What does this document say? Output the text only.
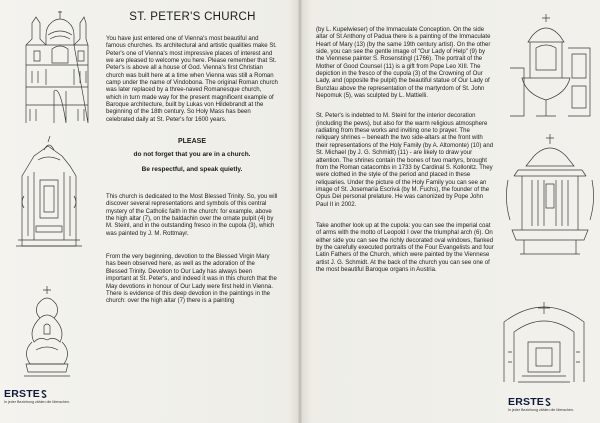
ST. PETER'S CHURCH

You have just entered one of Vienna's most beautiful and famous churches. Its architectural and artistic qualities make St. Peter's one of Vienna's most impressive places of interest and we are pleased to welcome you here. Please remember that St. Peter's is above all a house of God. Vienna's first Christian church was built here at a time when Vienna was still a Roman camp under the name of Vindobona. The original Roman church was later replaced by a three-naved Romanesque church, which in turn made way for the present magnificent example of Baroque architecture, built by Lukas von Hildebrandt at the beginning of the 18th century. So Holy Mass has been celebrated daily at St. Peter's for 1600 years.

PLEASE

do not forget that you are in a church.

Be respectful, and speak quietly.

This church is dedicated to the Most Blessed Trinity. So, you will discover several representations and symbols of this central mystery of the Catholic faith in the church: for example, above the high altar (7), on the baldachin over the ornate pulpit (4) by M. Steinl, and in the outstanding fresco in the cupola (3), which was painted by J. M. Rottmayr.

From the very beginning, devotion to the Blessed Virgin Mary has been observed here, as well as the adoration of the Blessed Trinity. Devotion to Our Lady has always been important at St. Peter's, and indeed it was in this church that the May devotions in honour of Our Lady were first held in Vienna. There is evidence of this deep devotion in the paintings in the church: over the high altar (7) there is a painting

(by L. Kupelwieser) of the Immaculate Conception. On the side altar of St Anthony of Padua there is a painting of the Immaculate Heart of Mary (13) (by the same 19th century artist). On the other side, you can see the gentle image of "Our Lady of Help" (9) by the Viennese painter S. Rosenstingl (1766). The portrait of the Mother of Good Counsel (11) is a gift from Pope Leo XIII. The depiction in the fresco of the cupola (3) of the Crowning of Our Lady, and (opposite the pulpit) the beautiful statue of Our Lady of Bunzlau above the representation of the martyrdom of St. John Nepomuk (5), was sculpted by L. Mattielli.

St. Peter's is indebted to M. Steinl for the interior decoration (including the pews), but also for the warm religious atmosphere radiating from these works and inviting one to prayer. The reliquary shrines – beneath the two side-altars at the front with their representations of the Holy Family (by A. Altomonte) (10) and St. Michael (by J. G. Schmidt) (11) - are likely to draw your attention. The shrines contain the bones of two martyrs, brought from the Roman catacombs in 1733 by Cardinal S. Kollonitz. They were clothed in the style of the period and placed in these reliquaries. Under the picture of the Holy Family you can see an image of St. Josemaría Escrivá (by M. Fuchs), the founder of the Opus Dei personal prelature. He was canonized by Pope John Paul II in 2002.

Take another look up at the cupola: you can see the imperial coat of arms with the motto of Leopold I over the triumphal arch (6). On either side you can see the richly decorated oval windows, flanked by the carefully executed portraits of the Four Evangelists and four Latin Fathers of the Church, which were painted by the Viennese artist J. G. Schmidt. At the back of the church you can see one of the most beautiful Baroque organs in Austria.

ERSTE
In jeder Beziehung zählen die Menschen.	ERSTE
In jeder Beziehung zählen die Menschen.
